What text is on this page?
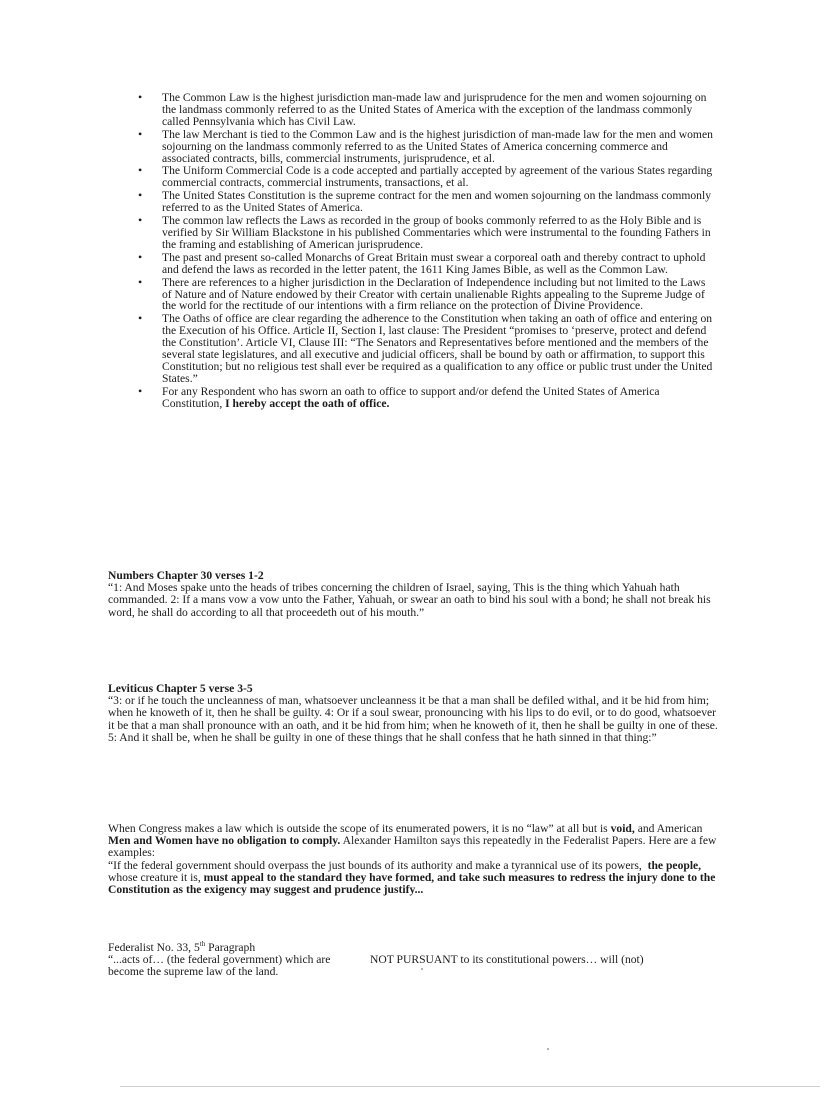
• The Common Law is the highest jurisdiction man-made law and jurisprudence for the men and women sojourning on the landmass commonly referred to as the United States of America with the exception of the landmass commonly called Pennsylvania which has Civil Law.
• The law Merchant is tied to the Common Law and is the highest jurisdiction of man-made law for the men and women sojourning on the landmass commonly referred to as the United States of America concerning commerce and associated contracts, bills, commercial instruments, jurisprudence, et al.
• The Uniform Commercial Code is a code accepted and partially accepted by agreement of the various States regarding commercial contracts, commercial instruments, transactions, et al.
• The United States Constitution is the supreme contract for the men and women sojourning on the landmass commonly referred to as the United States of America.
• The common law reflects the Laws as recorded in the group of books commonly referred to as the Holy Bible and is verified by Sir William Blackstone in his published Commentaries which were instrumental to the founding Fathers in the framing and establishing of American jurisprudence.
• The past and present so-called Monarchs of Great Britain must swear a corporeal oath and thereby contract to uphold and defend the laws as recorded in the letter patent, the 1611 King James Bible, as well as the Common Law.
• There are references to a higher jurisdiction in the Declaration of Independence including but not limited to the Laws of Nature and of Nature endowed by their Creator with certain unalienable Rights appealing to the Supreme Judge of the world for the rectitude of our intentions with a firm reliance on the protection of Divine Providence.
• The Oaths of office are clear regarding the adherence to the Constitution when taking an oath of office and entering on the Execution of his Office. Article II, Section I, last clause: The President “promises to ‘preserve, protect and defend the Constitution’. Article VI, Clause III: “The Senators and Representatives before mentioned and the members of the several state legislatures, and all executive and judicial officers, shall be bound by oath or affirmation, to support this Constitution; but no religious test shall ever be required as a qualification to any office or public trust under the United States.”
• For any Respondent who has sworn an oath to office to support and/or defend the United States of America Constitution, I hereby accept the oath of office.
Numbers Chapter 30 verses 1-2

“1: And Moses spake unto the heads of tribes concerning the children of Israel, saying, This is the thing which Yahuah hath commanded. 2: If a mans vow a vow unto the Father, Yahuah, or swear an oath to bind his soul with a bond; he shall not break his word, he shall do according to all that proceedeth out of his mouth.”

Leviticus Chapter 5 verse 3-5

“3: or if he touch the uncleanness of man, whatsoever uncleanness it be that a man shall be defiled withal, and it be hid from him; when he knoweth of it, then he shall be guilty. 4: Or if a soul swear, pronouncing with his lips to do evil, or to do good, whatsoever it be that a man shall pronounce with an oath, and it be hid from him; when he knoweth of it, then he shall be guilty in one of these. 5: And it shall be, when he shall be guilty in one of these things that he shall confess that he hath sinned in that thing:”

When Congress makes a law which is outside the scope of its enumerated powers, it is no “law” at all but is void, and American Men and Women have no obligation to comply. Alexander Hamilton says this repeatedly in the Federalist Papers. Here are a few examples:

“If the federal government should overpass the just bounds of its authority and make a tyrannical use of its powers, the people, whose creature it is, must appeal to the standard they have formed, and take such measures to redress the injury done to the Constitution as the exigency may suggest and prudence justify...

Federalist No. 33, 5th Paragraph
“...acts of… (the federal government) which are	NOT PURSUANT to its constitutional powers… will (not)
become the supreme law of the land.
